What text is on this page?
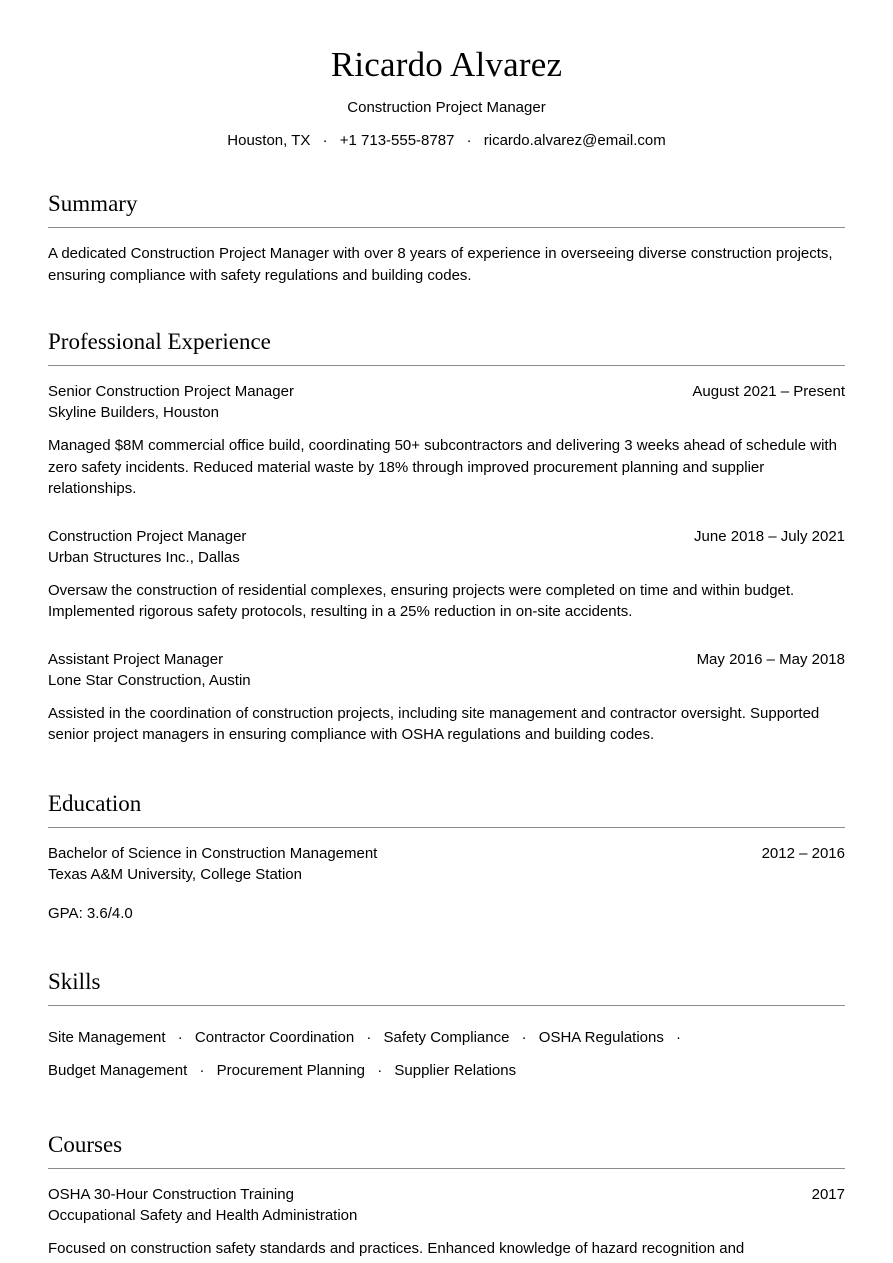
Ricardo Alvarez
Construction Project Manager
Houston, TX · +1 713-555-8787 · ricardo.alvarez@email.com
Summary

A dedicated Construction Project Manager with over 8 years of experience in overseeing diverse construction projects, ensuring compliance with safety regulations and building codes.

Professional Experience
Senior Construction Project Manager	August 2021 – Present
Skyline Builders, Houston
Managed $8M commercial office build, coordinating 50+ subcontractors and delivering 3 weeks ahead of schedule with zero safety incidents. Reduced material waste by 18% through improved procurement planning and supplier relationships.
Construction Project Manager	June 2018 – July 2021
Urban Structures Inc., Dallas
Oversaw the construction of residential complexes, ensuring projects were completed on time and within budget. Implemented rigorous safety protocols, resulting in a 25% reduction in on-site accidents.
Assistant Project Manager	May 2016 – May 2018
Lone Star Construction, Austin
Assisted in the coordination of construction projects, including site management and contractor oversight. Supported senior project managers in ensuring compliance with OSHA regulations and building codes.
Education
Bachelor of Science in Construction Management	2012 – 2016
Texas A&M University, College Station
GPA: 3.6/4.0
Skills
Site Management · Contractor Coordination · Safety Compliance · OSHA Regulations · Budget Management · Procurement Planning · Supplier Relations
Courses
OSHA 30-Hour Construction Training	2017
Occupational Safety and Health Administration
Focused on construction safety standards and practices. Enhanced knowledge of hazard recognition and
